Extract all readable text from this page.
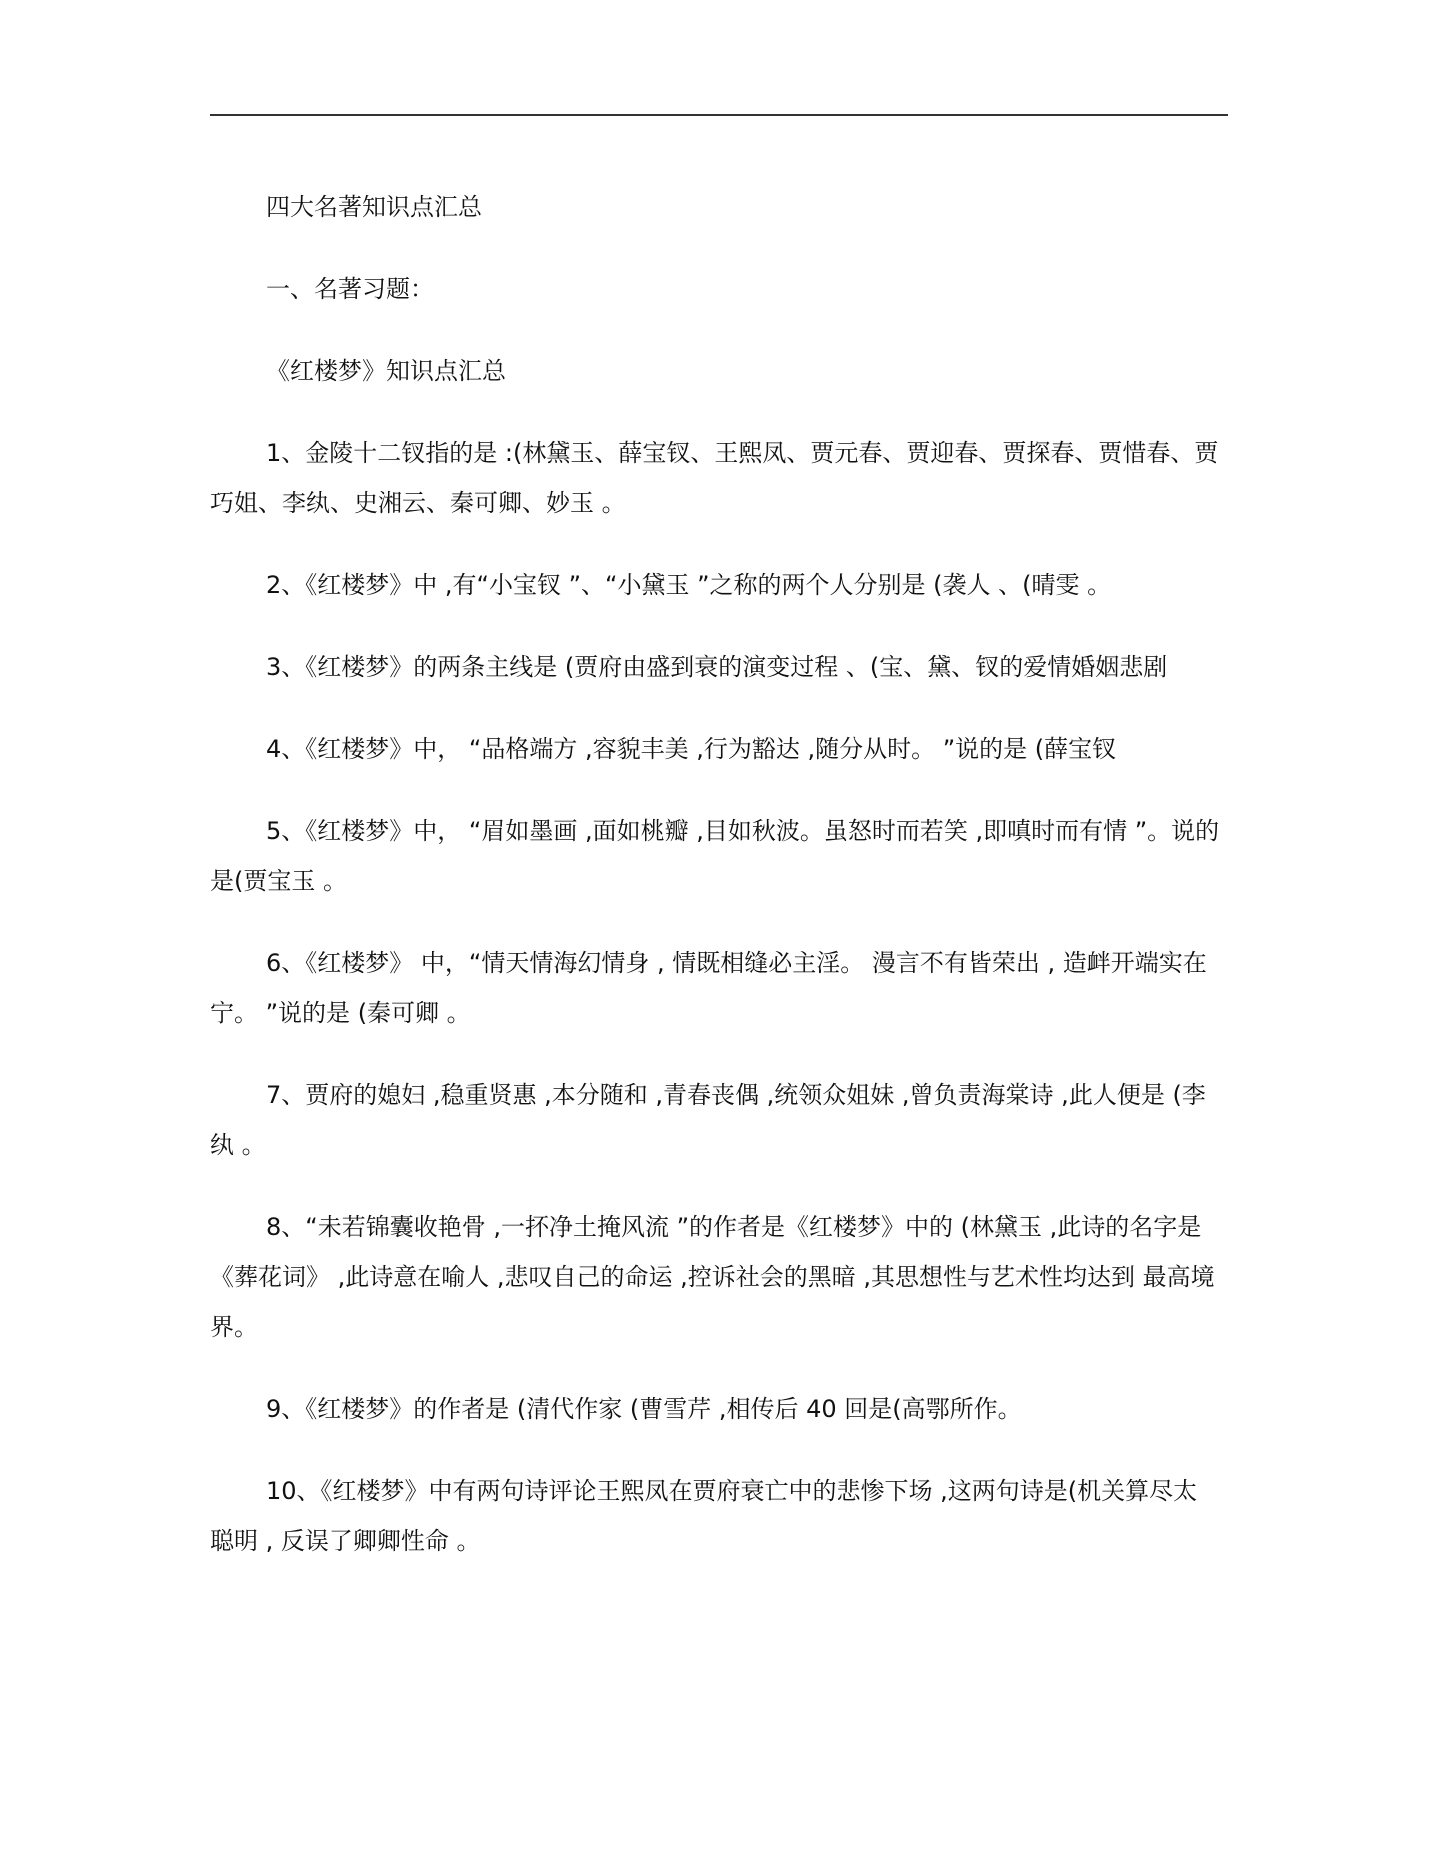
四大名著知识点汇总

一、名著习题：

《红楼梦》知识点汇总

1、金陵十二钗指的是 :(林黛玉、薛宝钗、王熙凤、贾元春、贾迎春、贾探春、贾惜春、贾 巧姐、李纨、史湘云、秦可卿、妙玉 。

2、《红楼梦》中 ,有“小宝钗 ”、“小黛玉 ”之称的两个人分别是 (袭人 、(晴雯 。

3、《红楼梦》的两条主线是 (贾府由盛到衰的演变过程 、(宝、黛、钗的爱情婚姻悲剧

4、《红楼梦》中， “品格端方 ,容貌丰美 ,行为豁达 ,随分从时。 ”说的是 (薛宝钗

5、《红楼梦》中， “眉如墨画 ,面如桃瓣 ,目如秋波。虽怒时而若笑 ,即嗔时而有情 ”。说的 是(贾宝玉 。

6、《红楼梦》 中，“情天情海幻情身 , 情既相缝必主淫。 漫言不有皆荣出 , 造衅开端实在宁。 ”说的是 (秦可卿 。

7、贾府的媳妇 ,稳重贤惠 ,本分随和 ,青春丧偶 ,统领众姐妹 ,曾负责海棠诗 ,此人便是 (李纨 。

8、“未若锦囊收艳骨 ,一抔净土掩风流 ”的作者是《红楼梦》中的 (林黛玉 ,此诗的名字是 《葬花词》 ,此诗意在喻人 ,悲叹自己的命运 ,控诉社会的黑暗 ,其思想性与艺术性均达到 最高境界。

9、《红楼梦》的作者是 (清代作家 (曹雪芹 ,相传后 40 回是(高鄂所作。

10、《红楼梦》中有两句诗评论王熙凤在贾府衰亡中的悲惨下场 ,这两句诗是(机关算尽太 聪明 , 反误了卿卿性命 。
